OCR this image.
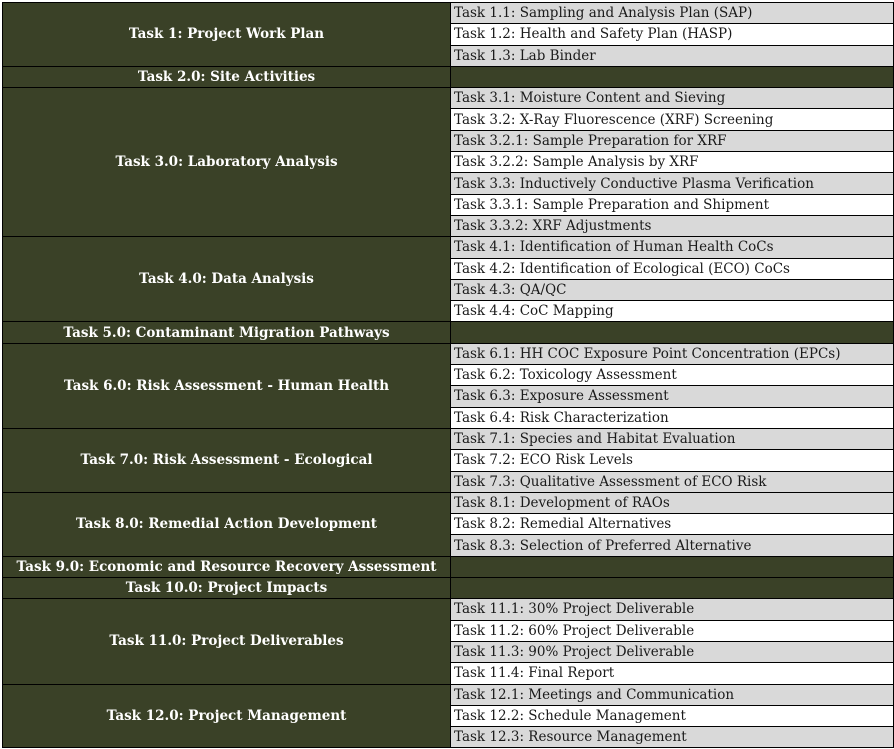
Task 1: Project Work Plan	Task 1.1: Sampling and Analysis Plan (SAP)
	Task 1.2: Health and Safety Plan (HASP)
	Task 1.3: Lab Binder
Task 2.0: Site Activities	
Task 3.0: Laboratory Analysis	Task 3.1: Moisture Content and Sieving
	Task 3.2: X-Ray Fluorescence (XRF) Screening
	Task 3.2.1: Sample Preparation for XRF
	Task 3.2.2: Sample Analysis by XRF
	Task 3.3: Inductively Conductive Plasma Verification
	Task 3.3.1: Sample Preparation and Shipment
	Task 3.3.2: XRF Adjustments
Task 4.0: Data Analysis	Task 4.1: Identification of Human Health CoCs
	Task 4.2: Identification of Ecological (ECO) CoCs
	Task 4.3: QA/QC
	Task 4.4: CoC Mapping
Task 5.0: Contaminant Migration Pathways	
Task 6.0: Risk Assessment - Human Health	Task 6.1: HH COC Exposure Point Concentration (EPCs)
	Task 6.2: Toxicology Assessment
	Task 6.3: Exposure Assessment
	Task 6.4: Risk Characterization
Task 7.0: Risk Assessment - Ecological	Task 7.1: Species and Habitat Evaluation
	Task 7.2: ECO Risk Levels
	Task 7.3: Qualitative Assessment of ECO Risk
Task 8.0: Remedial Action Development	Task 8.1: Development of RAOs
	Task 8.2: Remedial Alternatives
	Task 8.3: Selection of Preferred Alternative
Task 9.0: Economic and Resource Recovery Assessment	
Task 10.0: Project Impacts	
Task 11.0: Project Deliverables	Task 11.1: 30% Project Deliverable
	Task 11.2: 60% Project Deliverable
	Task 11.3: 90% Project Deliverable
	Task 11.4: Final Report
Task 12.0: Project Management	Task 12.1: Meetings and Communication
	Task 12.2: Schedule Management
	Task 12.3: Resource Management
